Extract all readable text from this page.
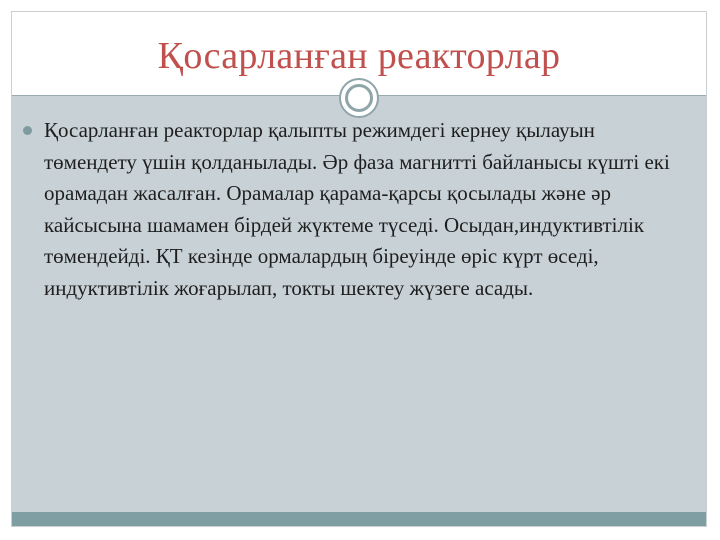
Қосарланған реакторлар
Қосарланған реакторлар қалыпты режимдегі кернеу қылауын төмендету үшін қолданылады. Әр фаза магнитті байланысы күшті екі орамадан жасалған. Орамалар қарама-қарсы қосылады және әр кайсысына шамамен бірдей жүктеме түседі. Осыдан,индуктивтілік төмендейді. ҚТ кезінде ормалардың біреуінде өріс күрт өседі, индуктивтілік жоғарылап, токты шектеу жүзеге асады.
